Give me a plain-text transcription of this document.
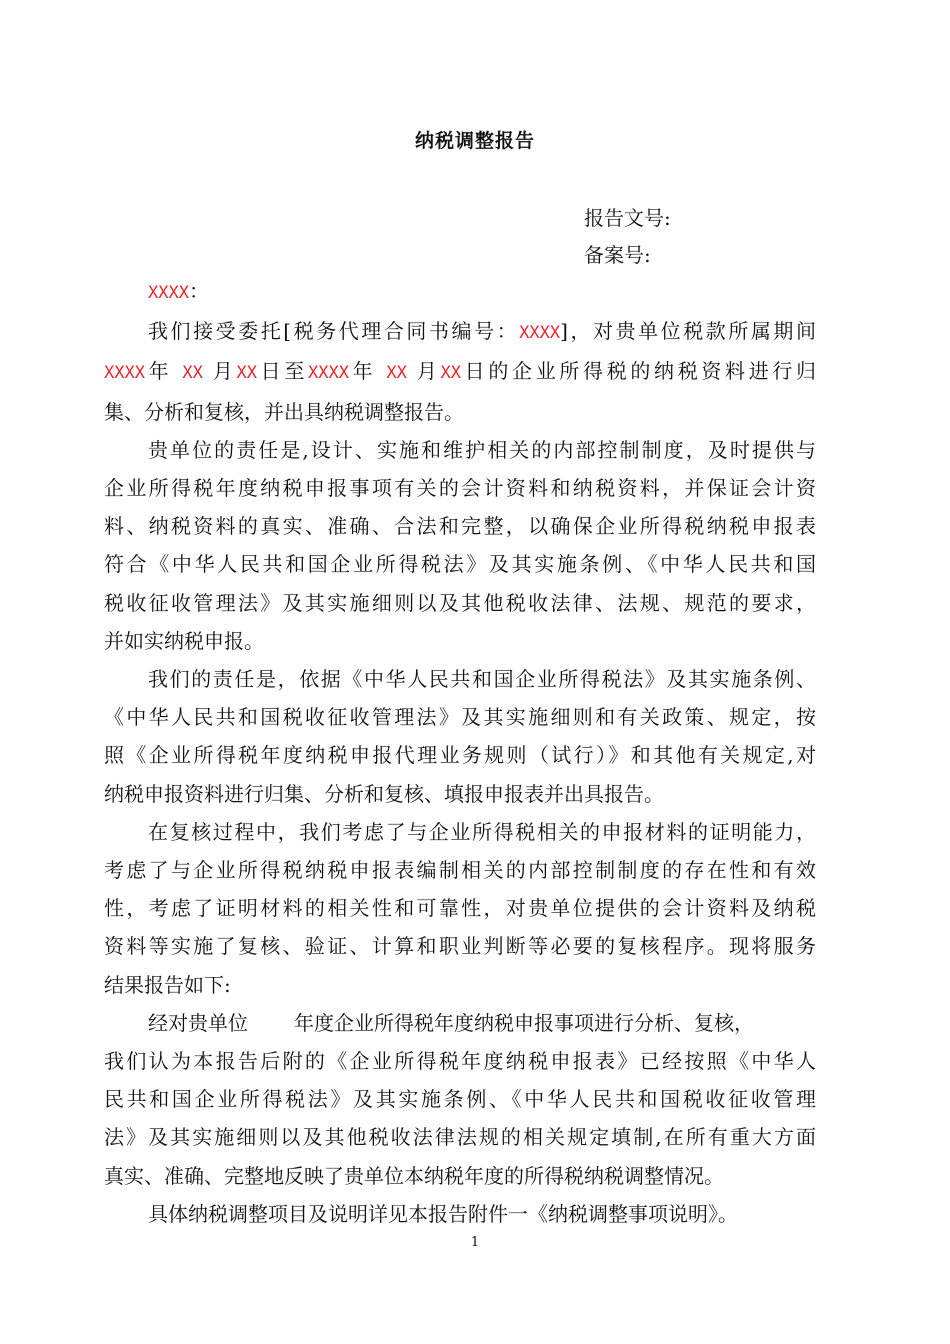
纳税调整报告
报告文号:
备案号:
XXXX：
我们接受委托[税务代理合同书编号：XXXX]，对贵单位税款所属期间
XXXX年 XX 月XX日至XXXX年 XX 月XX日的企业所得税的纳税资料进行归
集、分析和复核，并出具纳税调整报告。
贵单位的责任是,设计、实施和维护相关的内部控制制度，及时提供与
企业所得税年度纳税申报事项有关的会计资料和纳税资料，并保证会计资
料、纳税资料的真实、准确、合法和完整，以确保企业所得税纳税申报表
符合《中华人民共和国企业所得税法》及其实施条例、《中华人民共和国
税收征收管理法》及其实施细则以及其他税收法律、法规、规范的要求，
并如实纳税申报。
我们的责任是，依据《中华人民共和国企业所得税法》及其实施条例、
《中华人民共和国税收征收管理法》及其实施细则和有关政策、规定，按
照《企业所得税年度纳税申报代理业务规则（试行）》和其他有关规定,对
纳税申报资料进行归集、分析和复核、填报申报表并出具报告。
在复核过程中，我们考虑了与企业所得税相关的申报材料的证明能力，
考虑了与企业所得税纳税申报表编制相关的内部控制制度的存在性和有效
性，考虑了证明材料的相关性和可靠性，对贵单位提供的会计资料及纳税
资料等实施了复核、验证、计算和职业判断等必要的复核程序。现将服务
结果报告如下:
经对贵单位 年度企业所得税年度纳税申报事项进行分析、复核，
我们认为本报告后附的《企业所得税年度纳税申报表》已经按照《中华人
民共和国企业所得税法》及其实施条例、《中华人民共和国税收征收管理
法》及其实施细则以及其他税收法律法规的相关规定填制,在所有重大方面
真实、准确、完整地反映了贵单位本纳税年度的所得税纳税调整情况。
具体纳税调整项目及说明详见本报告附件一《纳税调整事项说明》。
1
